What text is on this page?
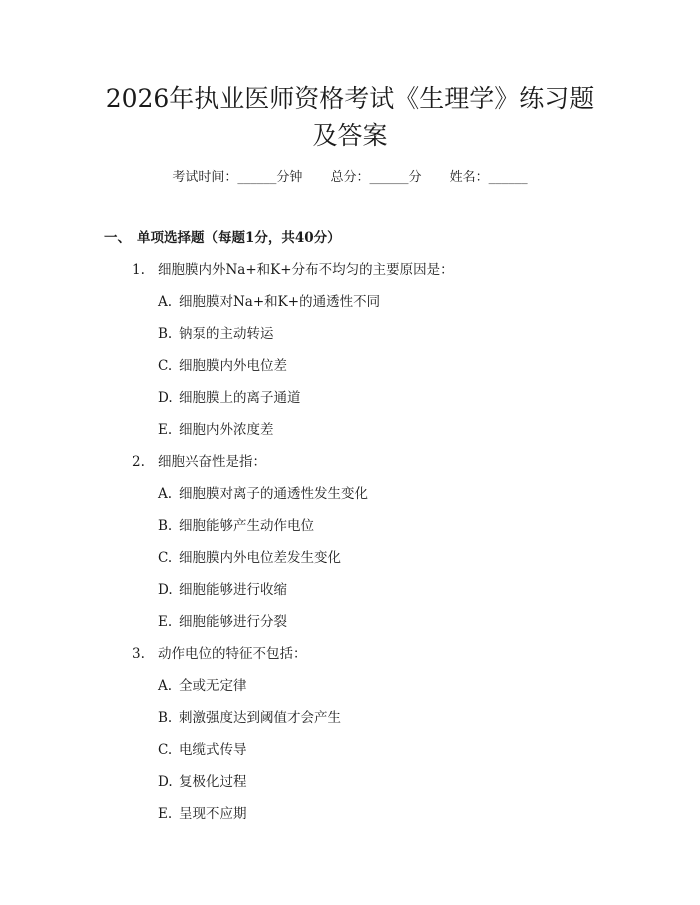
2026年执业医师资格考试《生理学》练习题
及答案
考试时间：______分钟 总分：______分 姓名：______
一、 单项选择题（每题1分，共40分）
1. 细胞膜内外Na+和K+分布不均匀的主要原因是：
A. 细胞膜对Na+和K+的通透性不同
B. 钠泵的主动转运
C. 细胞膜内外电位差
D. 细胞膜上的离子通道
E. 细胞内外浓度差
2. 细胞兴奋性是指：
A. 细胞膜对离子的通透性发生变化
B. 细胞能够产生动作电位
C. 细胞膜内外电位差发生变化
D. 细胞能够进行收缩
E. 细胞能够进行分裂
3. 动作电位的特征不包括：
A. 全或无定律
B. 刺激强度达到阈值才会产生
C. 电缆式传导
D. 复极化过程
E. 呈现不应期
